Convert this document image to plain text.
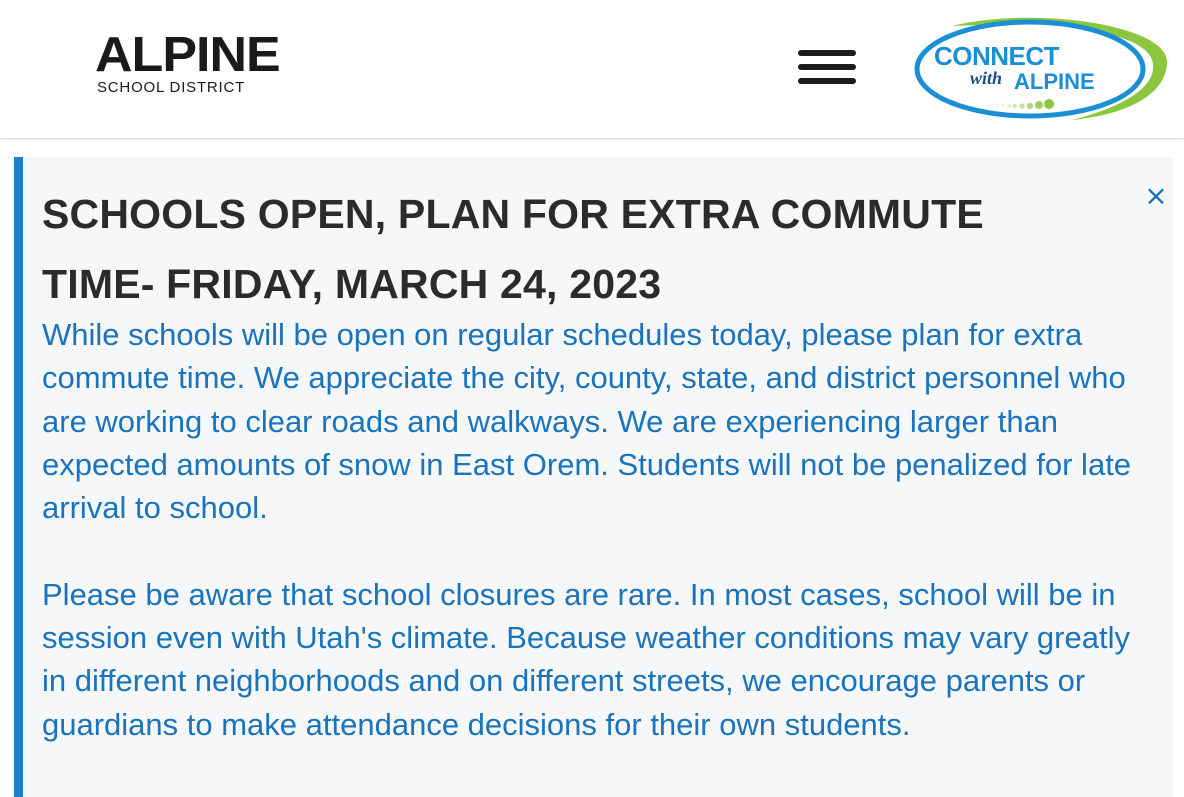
ALPINE
SCHOOL DISTRICT
CONNECT
with ALPINE
SCHOOLS OPEN, PLAN FOR EXTRA COMMUTE TIME- FRIDAY, MARCH 24, 2023
×

While schools will be open on regular schedules today, please plan for extra commute time. We appreciate the city, county, state, and district personnel who are working to clear roads and walkways. We are experiencing larger than expected amounts of snow in East Orem. Students will not be penalized for late arrival to school.

Please be aware that school closures are rare. In most cases, school will be in session even with Utah's climate. Because weather conditions may vary greatly in different neighborhoods and on different streets, we encourage parents or guardians to make attendance decisions for their own students.
